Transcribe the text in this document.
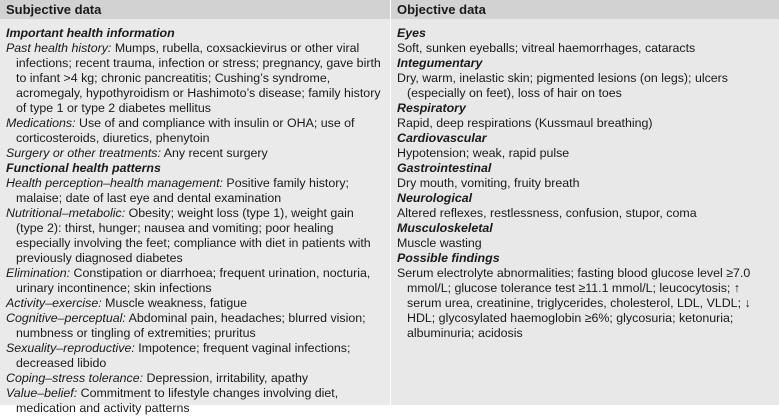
Subjective data	Objective data
Important health information
Past health history: Mumps, rubella, coxsackievirus or other viral infections; recent trauma, infection or stress; pregnancy, gave birth to infant >4 kg; chronic pancreatitis; Cushing’s syndrome, acromegaly, hypothyroidism or Hashimoto’s disease; family history of type 1 or type 2 diabetes mellitus
Medications: Use of and compliance with insulin or OHA; use of corticosteroids, diuretics, phenytoin
Surgery or other treatments: Any recent surgery
Functional health patterns
Health perception–health management: Positive family history; malaise; date of last eye and dental examination
Nutritional–metabolic: Obesity; weight loss (type 1), weight gain (type 2): thirst, hunger; nausea and vomiting; poor healing especially involving the feet; compliance with diet in patients with previously diagnosed diabetes
Elimination: Constipation or diarrhoea; frequent urination, nocturia, urinary incontinence; skin infections
Activity–exercise: Muscle weakness, fatigue
Cognitive–perceptual: Abdominal pain, headaches; blurred vision; numbness or tingling of extremities; pruritus
Sexuality–reproductive: Impotence; frequent vaginal infections; decreased libido
Coping–stress tolerance: Depression, irritability, apathy
Value–belief: Commitment to lifestyle changes involving diet, medication and activity patterns
Eyes
Soft, sunken eyeballs; vitreal haemorrhages, cataracts
Integumentary
Dry, warm, inelastic skin; pigmented lesions (on legs); ulcers (especially on feet), loss of hair on toes
Respiratory
Rapid, deep respirations (Kussmaul breathing)
Cardiovascular
Hypotension; weak, rapid pulse
Gastrointestinal
Dry mouth, vomiting, fruity breath
Neurological
Altered reflexes, restlessness, confusion, stupor, coma
Musculoskeletal
Muscle wasting
Possible findings
Serum electrolyte abnormalities; fasting blood glucose level ≥7.0 mmol/L; glucose tolerance test ≥11.1 mmol/L; leucocytosis; ↑ serum urea, creatinine, triglycerides, cholesterol, LDL, VLDL; ↓ HDL; glycosylated haemoglobin ≥6%; glycosuria; ketonuria; albuminuria; acidosis
